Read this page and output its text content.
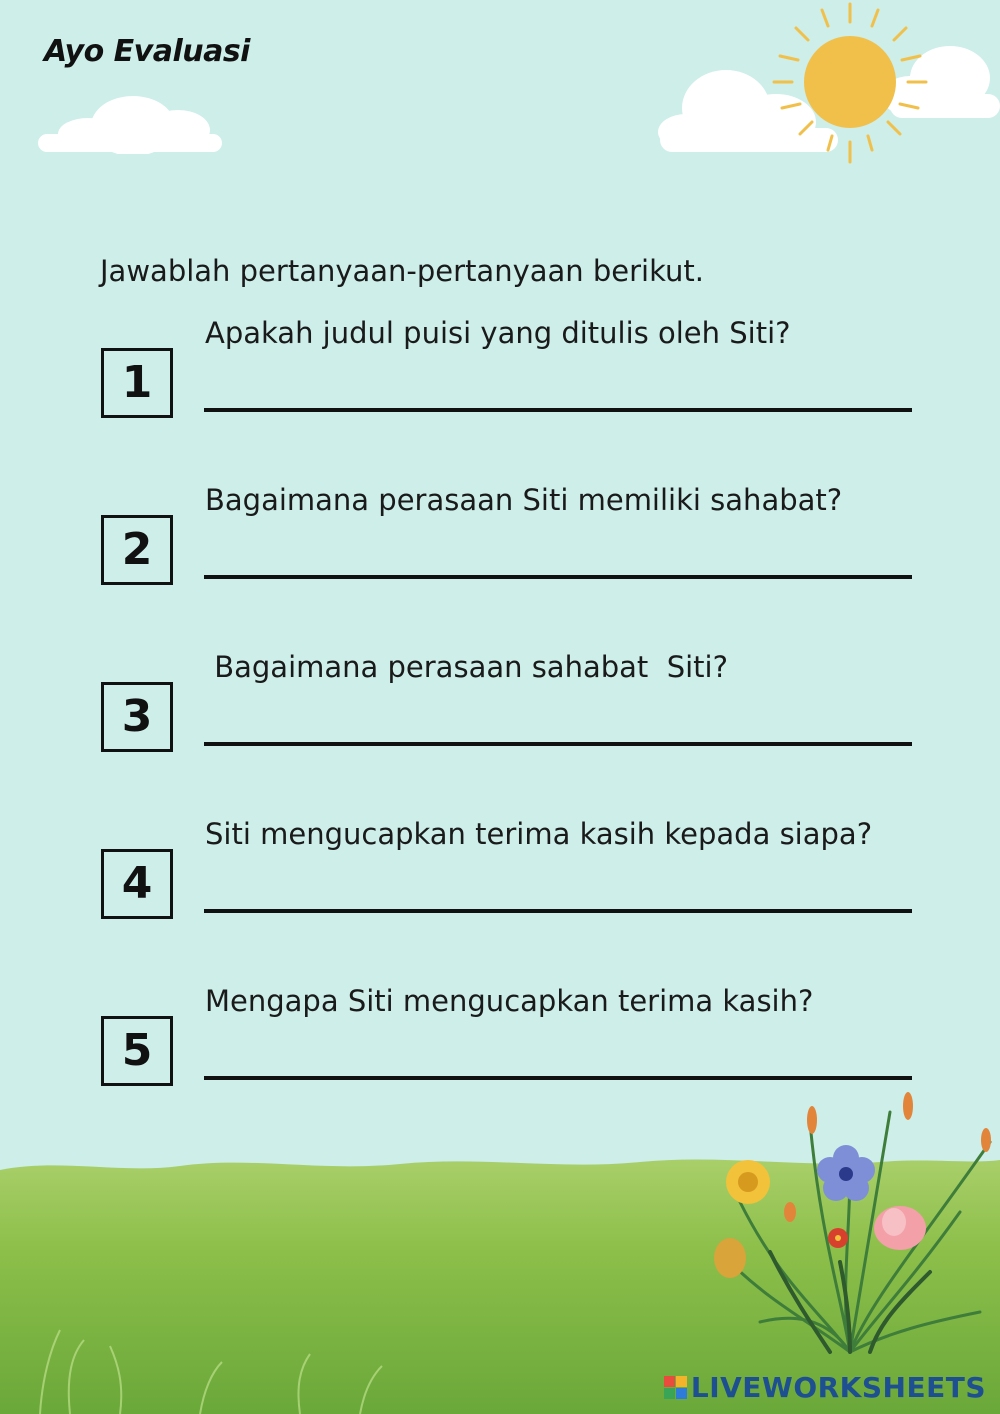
Ayo Evaluasi
Jawablah pertanyaan-pertanyaan berikut.
Apakah judul puisi yang ditulis oleh Siti?
1
Bagaimana perasaan Siti memiliki sahabat?
2
Bagaimana perasaan sahabat  Siti?
3
Siti mengucapkan terima kasih kepada siapa?
4
Mengapa Siti mengucapkan terima kasih?
5
LIVEWORKSHEETS
